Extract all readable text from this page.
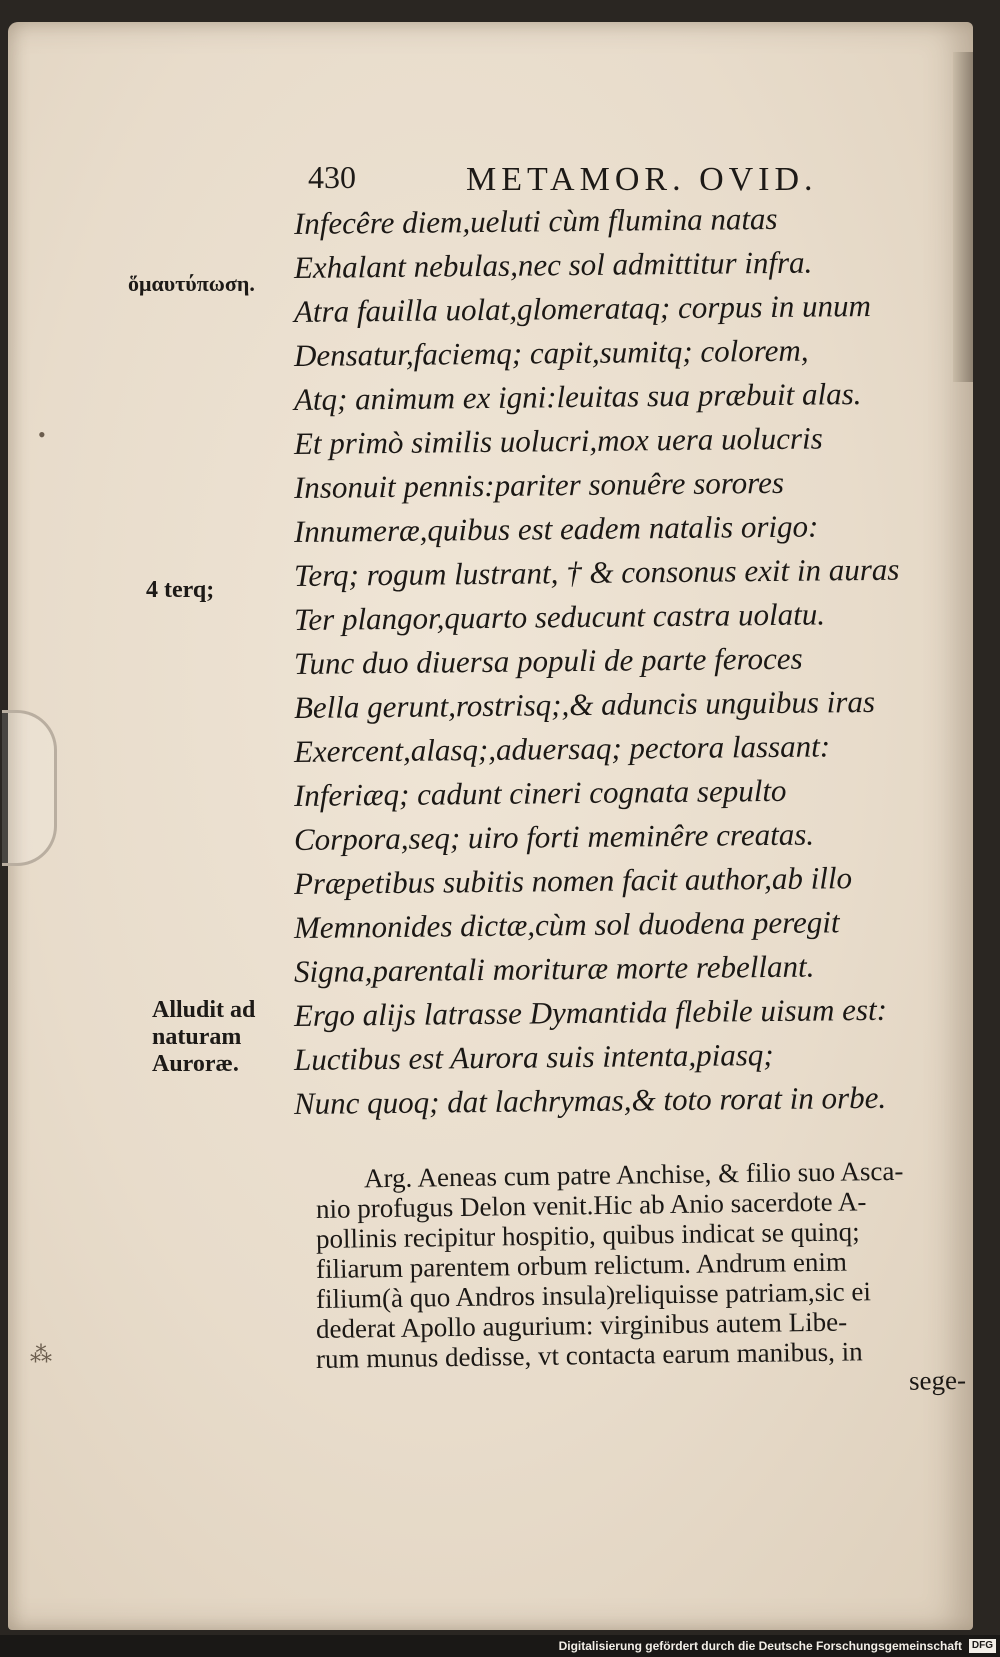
430	METAMOR. OVID.
ὅμαυτύπωση.
4 terq;
Alludit ad
naturam
Auroræ.
•
⁂
Infecêre diem,ueluti cùm flumina natas
Exhalant nebulas,nec sol admittitur infra.
Atra fauilla uolat,glomerataq; corpus in unum
Densatur,faciemq; capit,sumitq; colorem,
Atq; animum ex igni:leuitas sua præbuit alas.
Et primò similis uolucri,mox uera uolucris
Insonuit pennis:pariter sonuêre sorores
Innumeræ,quibus est eadem natalis origo:
Terq; rogum lustrant, † & consonus exit in auras
Ter plangor,quarto seducunt castra uolatu.
Tunc duo diuersa populi de parte feroces
Bella gerunt,rostrisq;,& aduncis unguibus iras
Exercent,alasq;,aduersaq; pectora lassant:
Inferiæq; cadunt cineri cognata sepulto
Corpora,seq; uiro forti meminêre creatas.
Præpetibus subitis nomen facit author,ab illo
Memnonides dictæ,cùm sol duodena peregit
Signa,parentali morituræ morte rebellant.
Ergo alijs latrasse Dymantida flebile uisum est:
Luctibus est Aurora suis intenta,piasq;
Nunc quoq; dat lachrymas,& toto rorat in orbe.
Arg. Aeneas cum patre Anchise, & filio suo Asca-
nio profugus Delon venit.Hic ab Anio sacerdote A-
pollinis recipitur hospitio, quibus indicat se quinq;
filiarum parentem orbum relictum. Andrum enim
filium(à quo Andros insula)reliquisse patriam,sic ei
dederat Apollo augurium: virginibus autem Libe-
rum munus dedisse, vt contacta earum manibus, in
sege-
Digitalisierung gefördert durch die Deutsche Forschungsgemeinschaft DFG
